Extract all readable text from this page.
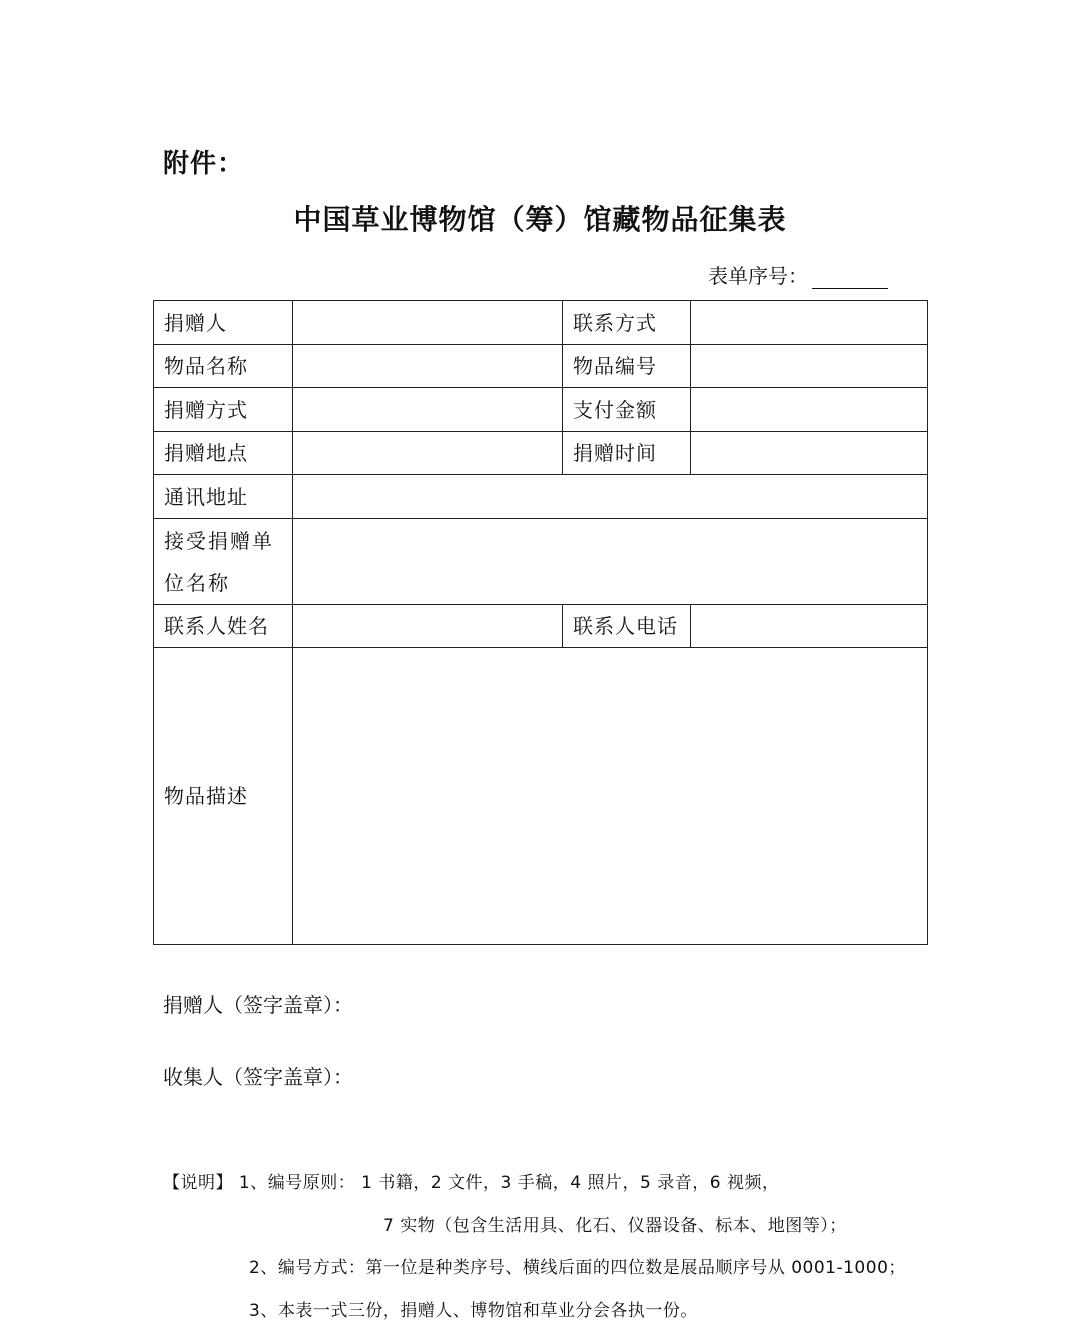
附件：
中国草业博物馆（筹）馆藏物品征集表
表单序号：
捐赠人		联系方式	
物品名称		物品编号	
捐赠方式		支付金额	
捐赠地点		捐赠时间	
通讯地址			

接受捐赠单
位名称			

联系人姓名		联系人电话	
物品描述			
捐赠人（签字盖章）：
收集人（签字盖章）：
【说明】 1、编号原则： 1 书籍，2 文件，3 手稿，4 照片，5 录音，6 视频，
7 实物（包含生活用具、化石、仪器设备、标本、地图等）；
2、编号方式：第一位是种类序号、横线后面的四位数是展品顺序号从 0001-1000；
3、本表一式三份，捐赠人、博物馆和草业分会各执一份。
